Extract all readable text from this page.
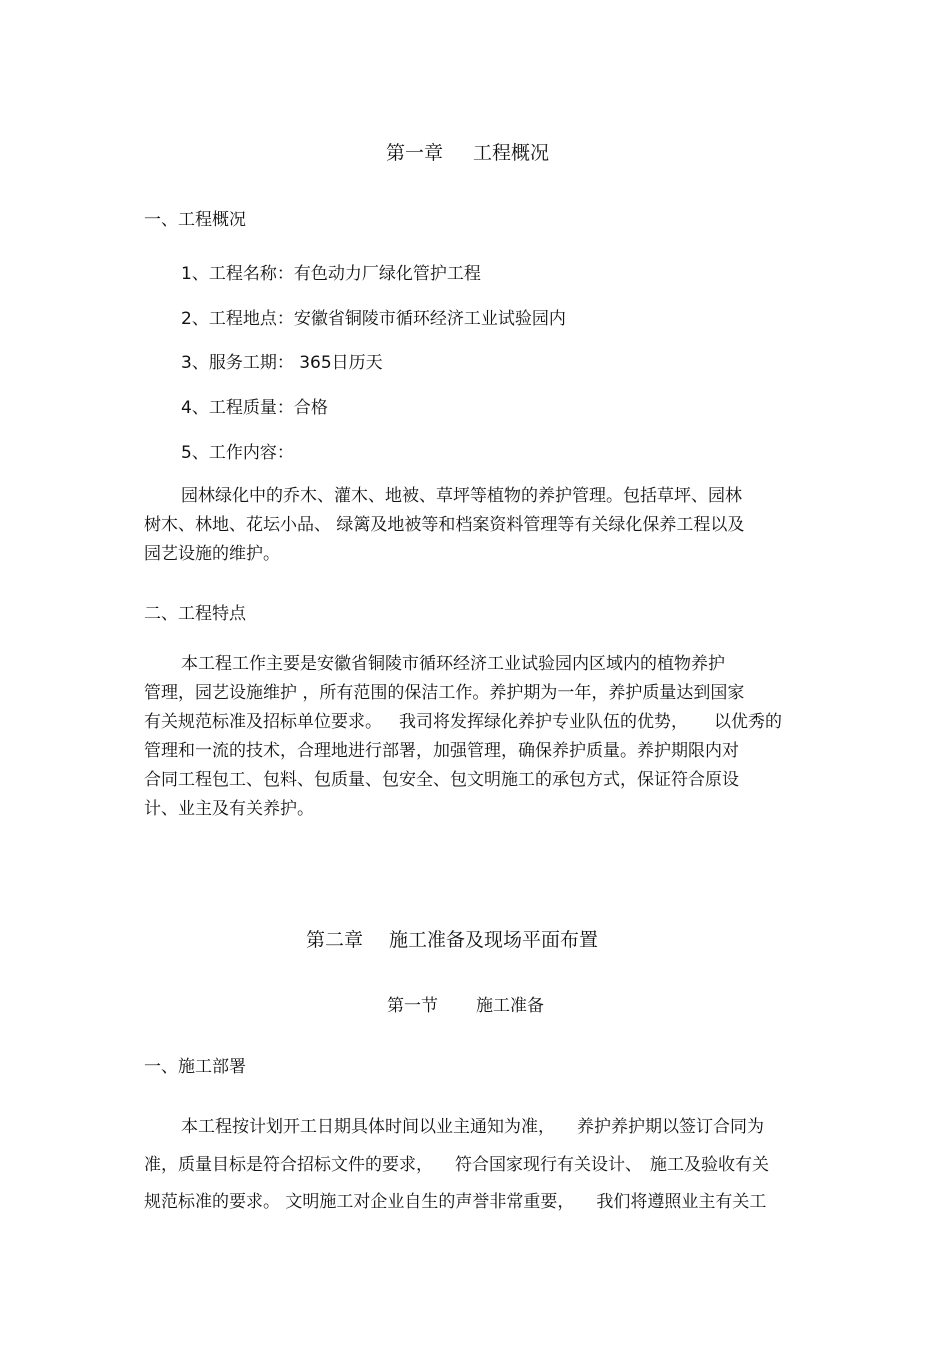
第一章 工程概况
一、工程概况
1、工程名称：有色动力厂绿化管护工程
2、工程地点：安徽省铜陵市循环经济工业试验园内
3、服务工期： 365日历天
4、工程质量：合格
5、工作内容：
园林绿化中的乔木、灌木、地被、草坪等植物的养护管理。包括草坪、园林
树木、林地、花坛小品、 绿篱及地被等和档案资料管理等有关绿化保养工程以及
园艺设施的维护。
二、工程特点
本工程工作主要是安徽省铜陵市循环经济工业试验园内区域内的植物养护
管理，园艺设施维护 ，所有范围的保洁工作。养护期为一年，养护质量达到国家
有关规范标准及招标单位要求。 我司将发挥绿化养护专业队伍的优势， 以优秀的
管理和一流的技术，合理地进行部署，加强管理，确保养护质量。养护期限内对
合同工程包工、包料、包质量、包安全、包文明施工的承包方式，保证符合原设
计、业主及有关养护。
第二章 施工准备及现场平面布置
第一节 施工准备
一、施工部署
本工程按计划开工日期具体时间以业主通知为准， 养护养护期以签订合同为
准，质量目标是符合招标文件的要求， 符合国家现行有关设计、 施工及验收有关
规范标准的要求。 文明施工对企业自生的声誉非常重要， 我们将遵照业主有关工
